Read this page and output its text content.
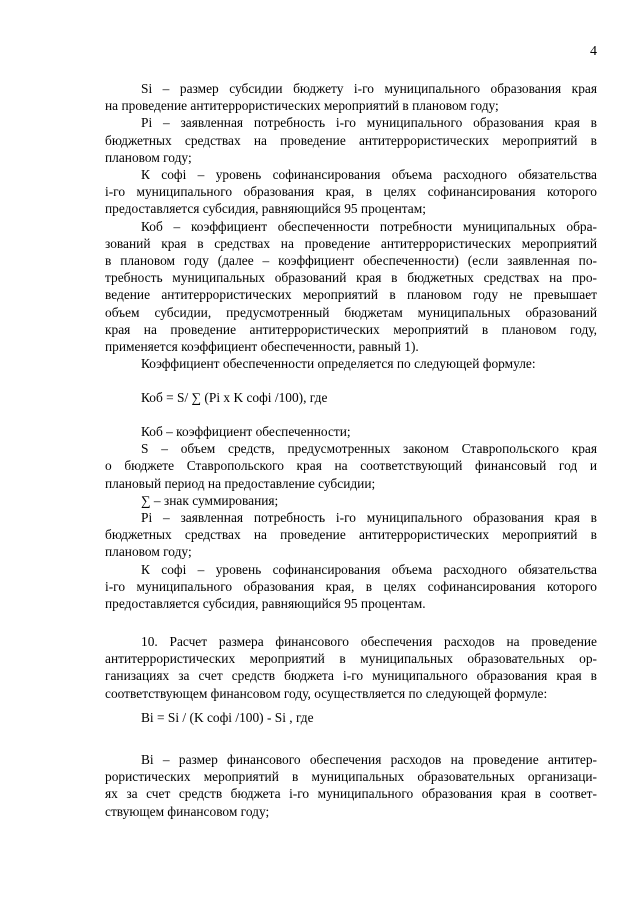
4
Si – размер субсидии бюджету i-го муниципального образования края
на проведение антитеррористических мероприятий в плановом году;
Pi – заявленная потребность i-го муниципального образования края в
бюджетных средствах на проведение антитеррористических мероприятий в
плановом году;
К софi – уровень софинансирования объема расходного обязательства
i-го муниципального образования края, в целях софинансирования которого
предоставляется субсидия, равняющийся 95 процентам;
Коб – коэффициент обеспеченности потребности муниципальных обра-
зований края в средствах на проведение антитеррористических мероприятий
в плановом году (далее – коэффициент обеспеченности) (если заявленная по-
требность муниципальных образований края в бюджетных средствах на про-
ведение антитеррористических мероприятий в плановом году не превышает
объем субсидии, предусмотренный бюджетам муниципальных образований
края на проведение антитеррористических мероприятий в плановом году,
применяется коэффициент обеспеченности, равный 1).
Коэффициент обеспеченности определяется по следующей формуле:
Коб – коэффициент обеспеченности;
S – объем средств, предусмотренных законом Ставропольского края
о бюджете Ставропольского края на соответствующий финансовый год и
плановый период на предоставление субсидии;
∑ – знак суммирования;
Pi – заявленная потребность i-го муниципального образования края в
бюджетных средствах на проведение антитеррористических мероприятий в
плановом году;
К софi – уровень софинансирования объема расходного обязательства
i-го муниципального образования края, в целях софинансирования которого
предоставляется субсидия, равняющийся 95 процентам.
10. Расчет размера финансового обеспечения расходов на проведение
антитеррористических мероприятий в муниципальных образовательных ор-
ганизациях за счет средств бюджета i-го муниципального образования края в
соответствующем финансовом году, осуществляется по следующей формуле:
Bi – размер финансового обеспечения расходов на проведение антитер-
рористических мероприятий в муниципальных образовательных организаци-
ях за счет средств бюджета i-го муниципального образования края в соответ-
ствующем финансовом году;
Коб = S/ ∑ (Pi x K софi /100), где
Bi = Si / (K софi /100) - Si , где
